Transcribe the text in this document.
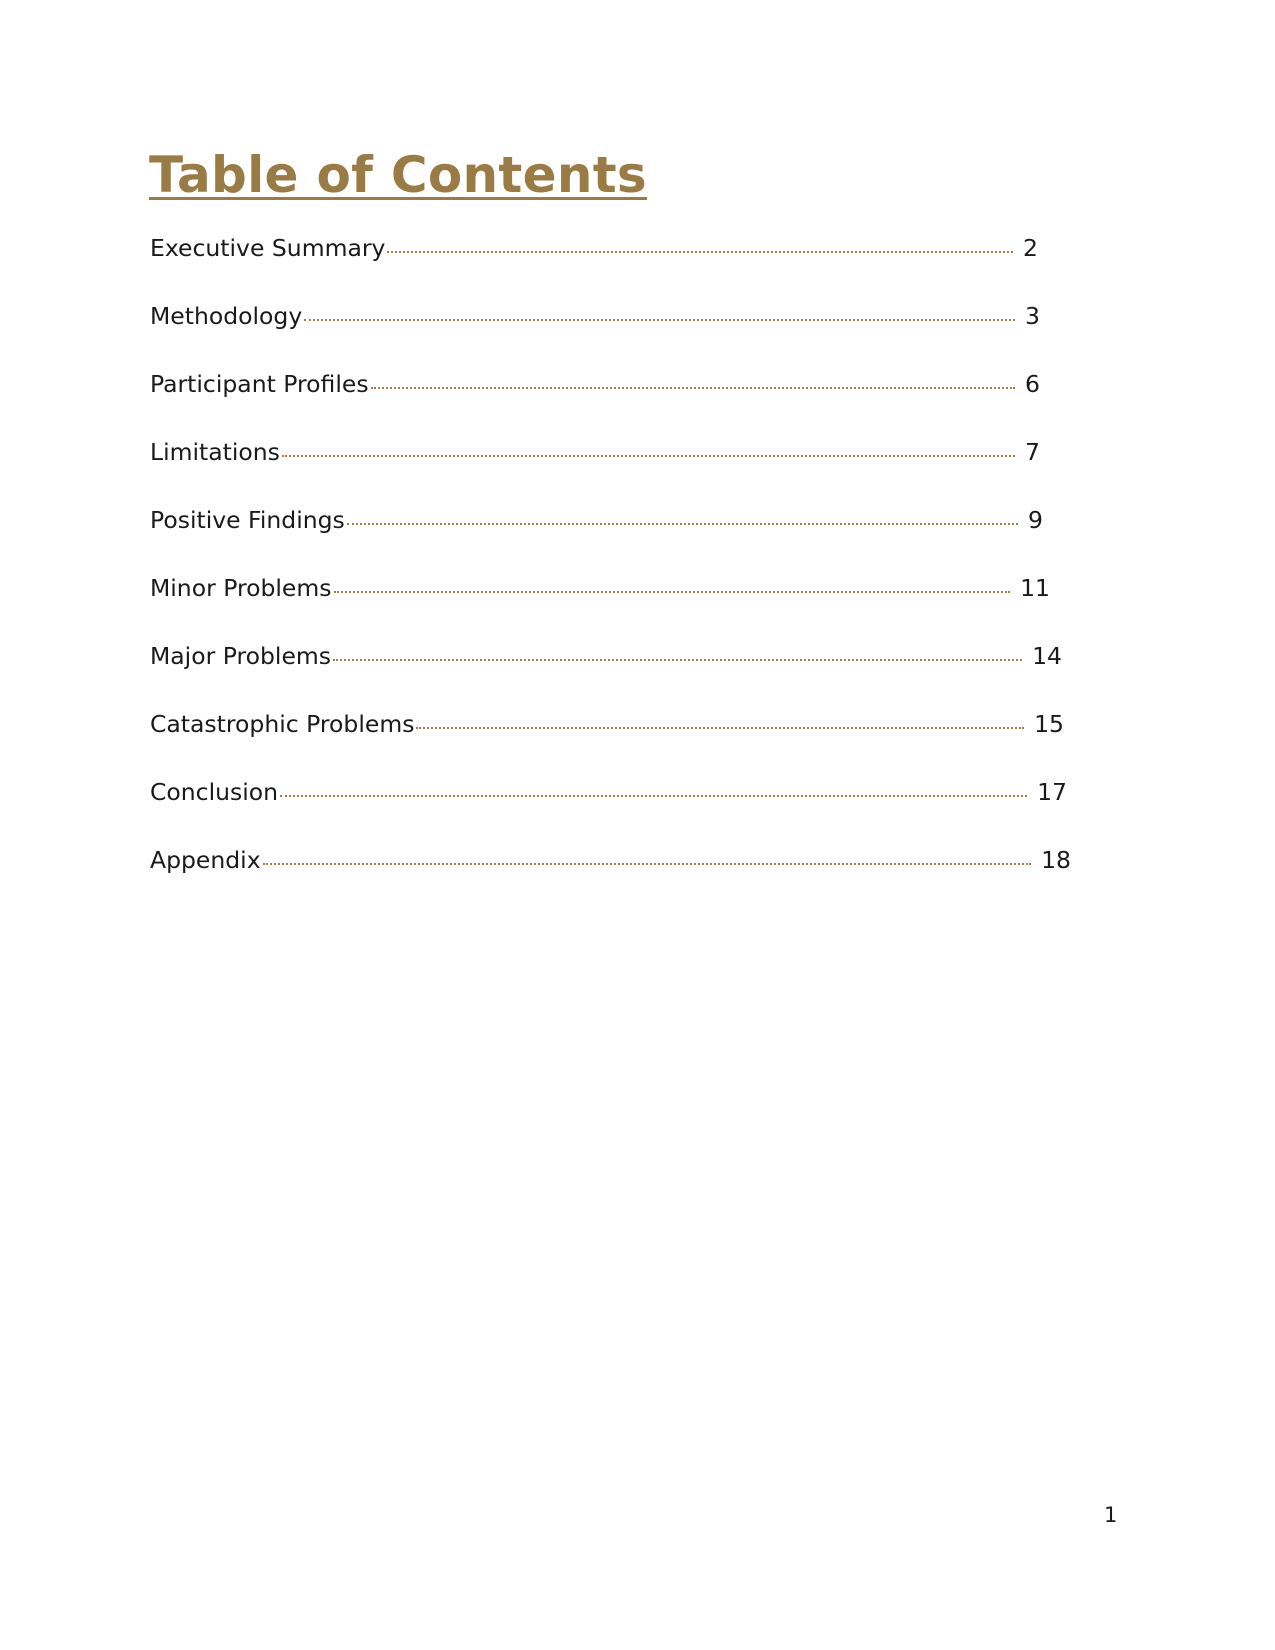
Table of Contents
Executive Summary	2
Methodology	3
Participant Profiles	6
Limitations	7
Positive Findings	9
Minor Problems	11
Major Problems	14
Catastrophic Problems	15
Conclusion	17
Appendix	18
1
